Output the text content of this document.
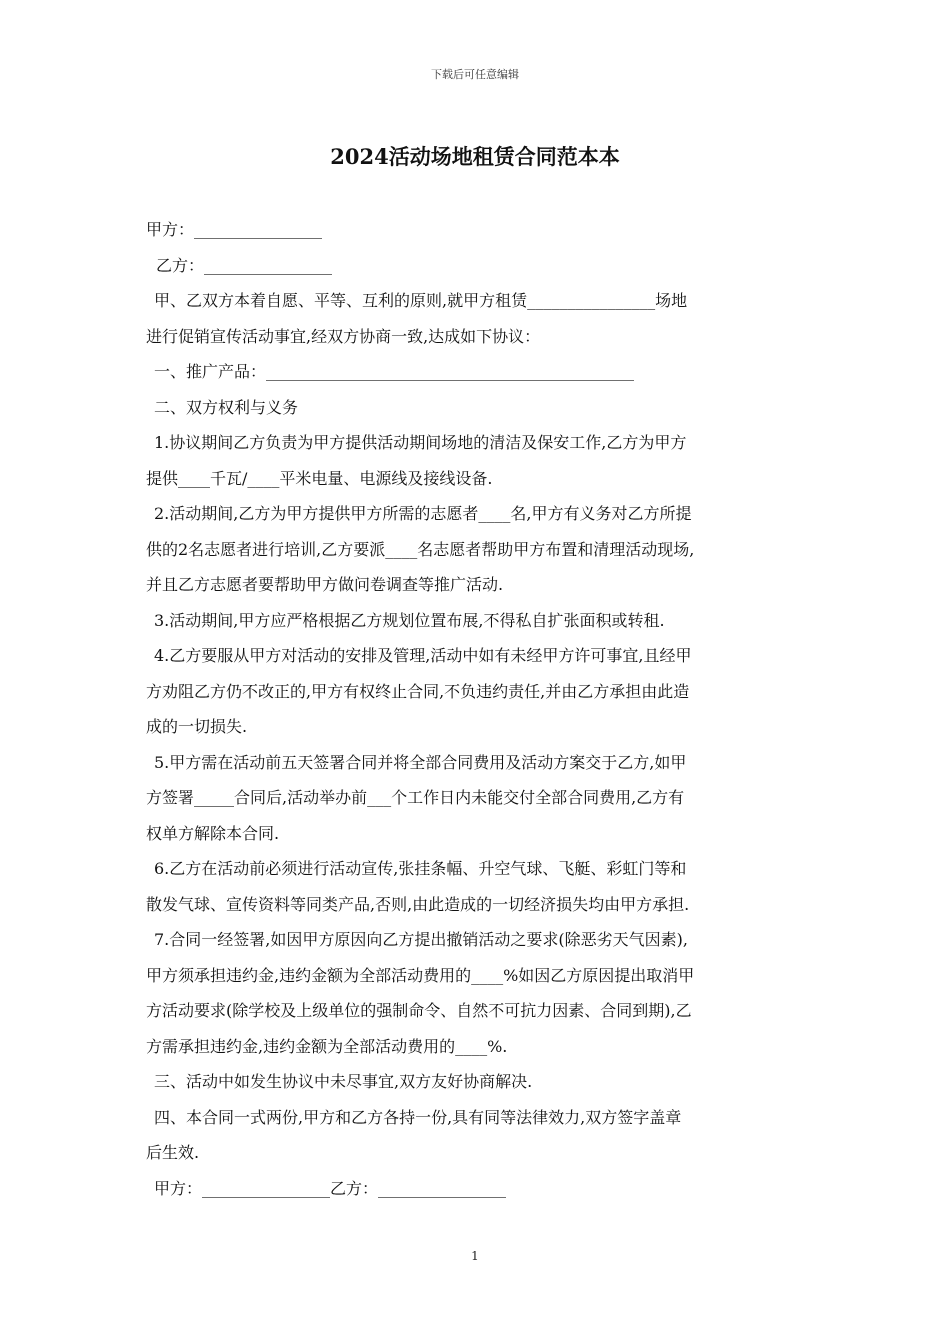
下载后可任意编辑
2024活动场地租赁合同范本本

甲方：________________

乙方：________________

甲、乙双方本着自愿、平等、互利的原则,就甲方租赁________________场地

进行促销宣传活动事宜,经双方协商一致,达成如下协议：

一、推广产品：______________________________________________

二、双方权利与义务

1.协议期间乙方负责为甲方提供活动期间场地的清洁及保安工作,乙方为甲方

提供____千瓦/____平米电量、电源线及接线设备.

2.活动期间,乙方为甲方提供甲方所需的志愿者____名,甲方有义务对乙方所提

供的2名志愿者进行培训,乙方要派____名志愿者帮助甲方布置和清理活动现场,

并且乙方志愿者要帮助甲方做问卷调查等推广活动.

3.活动期间,甲方应严格根据乙方规划位置布展,不得私自扩张面积或转租.

4.乙方要服从甲方对活动的安排及管理,活动中如有未经甲方许可事宜,且经甲

方劝阻乙方仍不改正的,甲方有权终止合同,不负违约责任,并由乙方承担由此造

成的一切损失.

5.甲方需在活动前五天签署合同并将全部合同费用及活动方案交于乙方,如甲

方签署_____合同后,活动举办前___个工作日内未能交付全部合同费用,乙方有

权单方解除本合同.

6.乙方在活动前必须进行活动宣传,张挂条幅、升空气球、飞艇、彩虹门等和

散发气球、宣传资料等同类产品,否则,由此造成的一切经济损失均由甲方承担.

7.合同一经签署,如因甲方原因向乙方提出撤销活动之要求(除恶劣天气因素),

甲方须承担违约金,违约金额为全部活动费用的____%如因乙方原因提出取消甲

方活动要求(除学校及上级单位的强制命令、自然不可抗力因素、合同到期),乙

方需承担违约金,违约金额为全部活动费用的____%.

三、活动中如发生协议中未尽事宜,双方友好协商解决.

四、本合同一式两份,甲方和乙方各持一份,具有同等法律效力,双方签字盖章

后生效.

甲方：________________乙方：________________

1
